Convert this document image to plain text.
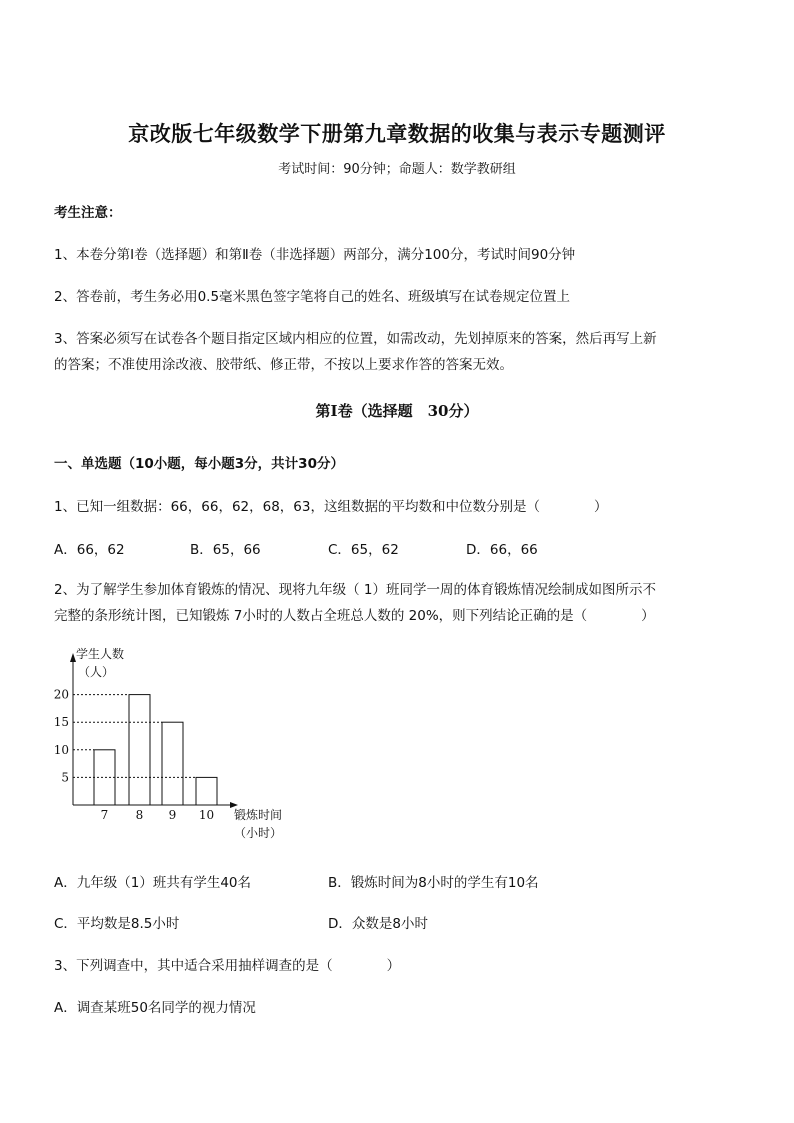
京改版七年级数学下册第九章数据的收集与表示专题测评
考试时间：90分钟；命题人：数学教研组
考生注意：
1、本卷分第Ⅰ卷（选择题）和第Ⅱ卷（非选择题）两部分，满分100分，考试时间90分钟
2、答卷前，考生务必用0.5毫米黑色签字笔将自己的姓名、班级填写在试卷规定位置上
3、答案必须写在试卷各个题目指定区域内相应的位置，如需改动，先划掉原来的答案，然后再写上新
的答案；不准使用涂改液、胶带纸、修正带，不按以上要求作答的答案无效。
第Ⅰ卷（选择题　30分）
一、单选题（10小题，每小题3分，共计30分）
1、已知一组数据：66，66，62，68，63，这组数据的平均数和中位数分别是（　　　　）
A．66，62	B．65，66	C．65，62	D．66，66
2、为了解学生参加体育锻炼的情况、现将九年级（ 1）班同学一周的体育锻炼情况绘制成如图所示不
完整的条形统计图，已知锻炼 7小时的人数占全班总人数的 20%，则下列结论正确的是（　　　　）
学生人数
（人）
锻炼时间
（小时）
7 8 9 10
5
10
15
20
A．九年级（1）班共有学生40名	B．锻炼时间为8小时的学生有10名
C．平均数是8.5小时	D．众数是8小时
3、下列调查中，其中适合采用抽样调查的是（　　　　）
A．调查某班50名同学的视力情况
